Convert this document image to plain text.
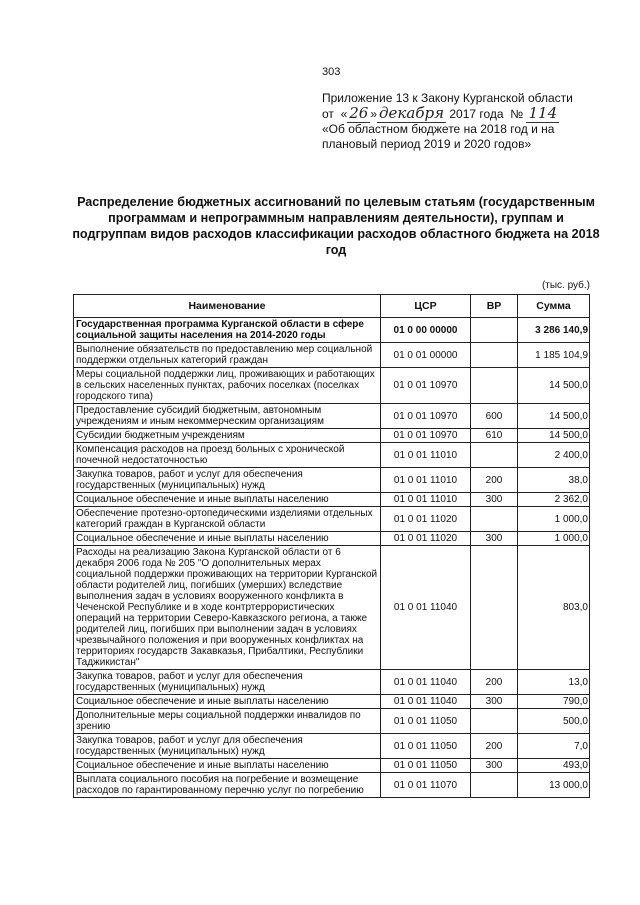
303
Приложение 13 к Закону Курганской области
от  « 26 » декабря 2017 года № 114
«Об областном бюджете на 2018 год и на
плановый период 2019 и 2020 годов»
Распределение бюджетных ассигнований по целевым статьям (государственным программам и непрограммным направлениям деятельности), группам и подгруппам видов расходов классификации расходов областного бюджета на 2018 год
(тыс. руб.)
Наименование	ЦСР	ВР	Сумма
Государственная программа Курганской области в сфере социальной защиты населения на 2014-2020 годы	01 0 00 00000		3 286 140,9
Выполнение обязательств по предоставлению мер социальной поддержки отдельных категорий граждан	01 0 01 00000		1 185 104,9
Меры социальной поддержки лиц, проживающих и работающих в сельских населенных пунктах, рабочих поселках (поселках городского типа)	01 0 01 10970		14 500,0
Предоставление субсидий бюджетным, автономным учреждениям и иным некоммерческим организациям	01 0 01 10970	600	14 500,0
Субсидии бюджетным учреждениям	01 0 01 10970	610	14 500,0
Компенсация расходов на проезд больных с хронической почечной недостаточностью	01 0 01 11010		2 400,0
Закупка товаров, работ и услуг для обеспечения государственных (муниципальных) нужд	01 0 01 11010	200	38,0
Социальное обеспечение и иные выплаты населению	01 0 01 11010	300	2 362,0
Обеспечение протезно-ортопедическими изделиями отдельных категорий граждан в Курганской области	01 0 01 11020		1 000,0
Социальное обеспечение и иные выплаты населению	01 0 01 11020	300	1 000,0
Расходы на реализацию Закона Курганской области от 6 декабря 2006 года № 205 "О дополнительных мерах социальной поддержки проживающих на территории Курганской области родителей лиц, погибших (умерших) вследствие выполнения задач в условиях вооруженного конфликта в Чеченской Республике и в ходе контртеррористических операций на территории Северо-Кавказского региона, а также родителей лиц, погибших при выполнении задач в условиях чрезвычайного положения и при вооруженных конфликтах на территориях государств Закавказья, Прибалтики, Республики Таджикистан"	01 0 01 11040		803,0
Закупка товаров, работ и услуг для обеспечения государственных (муниципальных) нужд	01 0 01 11040	200	13,0
Социальное обеспечение и иные выплаты населению	01 0 01 11040	300	790,0
Дополнительные меры социальной поддержки инвалидов по зрению	01 0 01 11050		500,0
Закупка товаров, работ и услуг для обеспечения государственных (муниципальных) нужд	01 0 01 11050	200	7,0
Социальное обеспечение и иные выплаты населению	01 0 01 11050	300	493,0
Выплата социального пособия на погребение и возмещение расходов по гарантированному перечню услуг по погребению	01 0 01 11070		13 000,0
